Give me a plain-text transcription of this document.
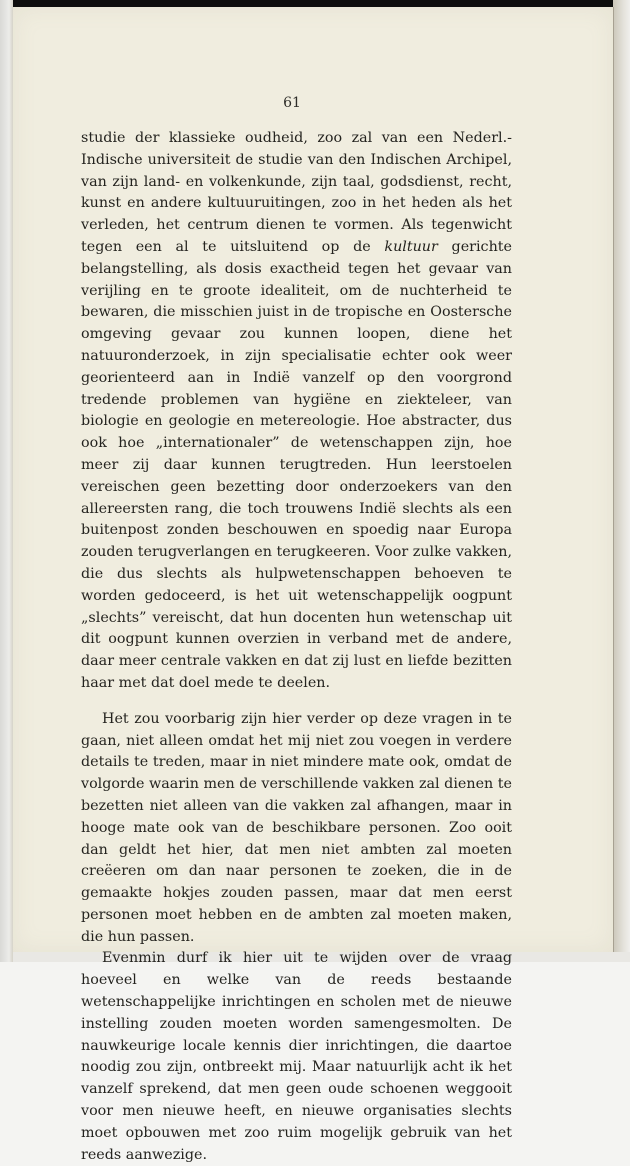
61

studie der klassieke oudheid, zoo zal van een Nederl.-Indische universiteit de studie van den Indischen Archipel, van zijn land- en volkenkunde, zijn taal, godsdienst, recht, kunst en andere kultuuruitingen, zoo in het heden als het verleden, het centrum dienen te vormen. Als tegenwicht tegen een al te uitsluitend op de kultuur gerichte belangstelling, als dosis exactheid tegen het gevaar van verijling en te groote idealiteit, om de nuchterheid te bewaren, die misschien juist in de tropische en Oostersche omgeving gevaar zou kunnen loopen, diene het natuuronderzoek, in zijn specialisatie echter ook weer georienteerd aan in Indië vanzelf op den voorgrond tredende problemen van hygiëne en ziekteleer, van biologie en geologie en metereologie. Hoe abstracter, dus ook hoe „internationaler” de wetenschappen zijn, hoe meer zij daar kunnen terugtreden. Hun leerstoelen vereischen geen bezetting door onderzoekers van den allereersten rang, die toch trouwens Indië slechts als een buitenpost zonden beschouwen en spoedig naar Europa zouden terugverlangen en terugkeeren. Voor zulke vakken, die dus slechts als hulpwetenschappen behoeven te worden gedoceerd, is het uit wetenschappelijk oogpunt „slechts” vereischt, dat hun docenten hun wetenschap uit dit oogpunt kunnen overzien in verband met de andere, daar meer centrale vakken en dat zij lust en liefde bezitten haar met dat doel mede te deelen.

Het zou voorbarig zijn hier verder op deze vragen in te gaan, niet alleen omdat het mij niet zou voegen in verdere details te treden, maar in niet mindere mate ook, omdat de volgorde waarin men de verschillende vakken zal dienen te bezetten niet alleen van die vakken zal afhangen, maar in hooge mate ook van de beschikbare personen. Zoo ooit dan geldt het hier, dat men niet ambten zal moeten creëeren om dan naar personen te zoeken, die in de gemaakte hokjes zouden passen, maar dat men eerst personen moet hebben en de ambten zal moeten maken, die hun passen.

Evenmin durf ik hier uit te wijden over de vraag hoeveel en welke van de reeds bestaande wetenschappelijke inrichtingen en scholen met de nieuwe instelling zouden moeten worden samengesmolten. De nauwkeurige locale kennis dier inrichtingen, die daartoe noodig zou zijn, ontbreekt mij. Maar natuurlijk acht ik het vanzelf sprekend, dat men geen oude schoenen weggooit voor men nieuwe heeft, en nieuwe organisaties slechts moet opbouwen met zoo ruim mogelijk gebruik van het reeds aanwezige.
